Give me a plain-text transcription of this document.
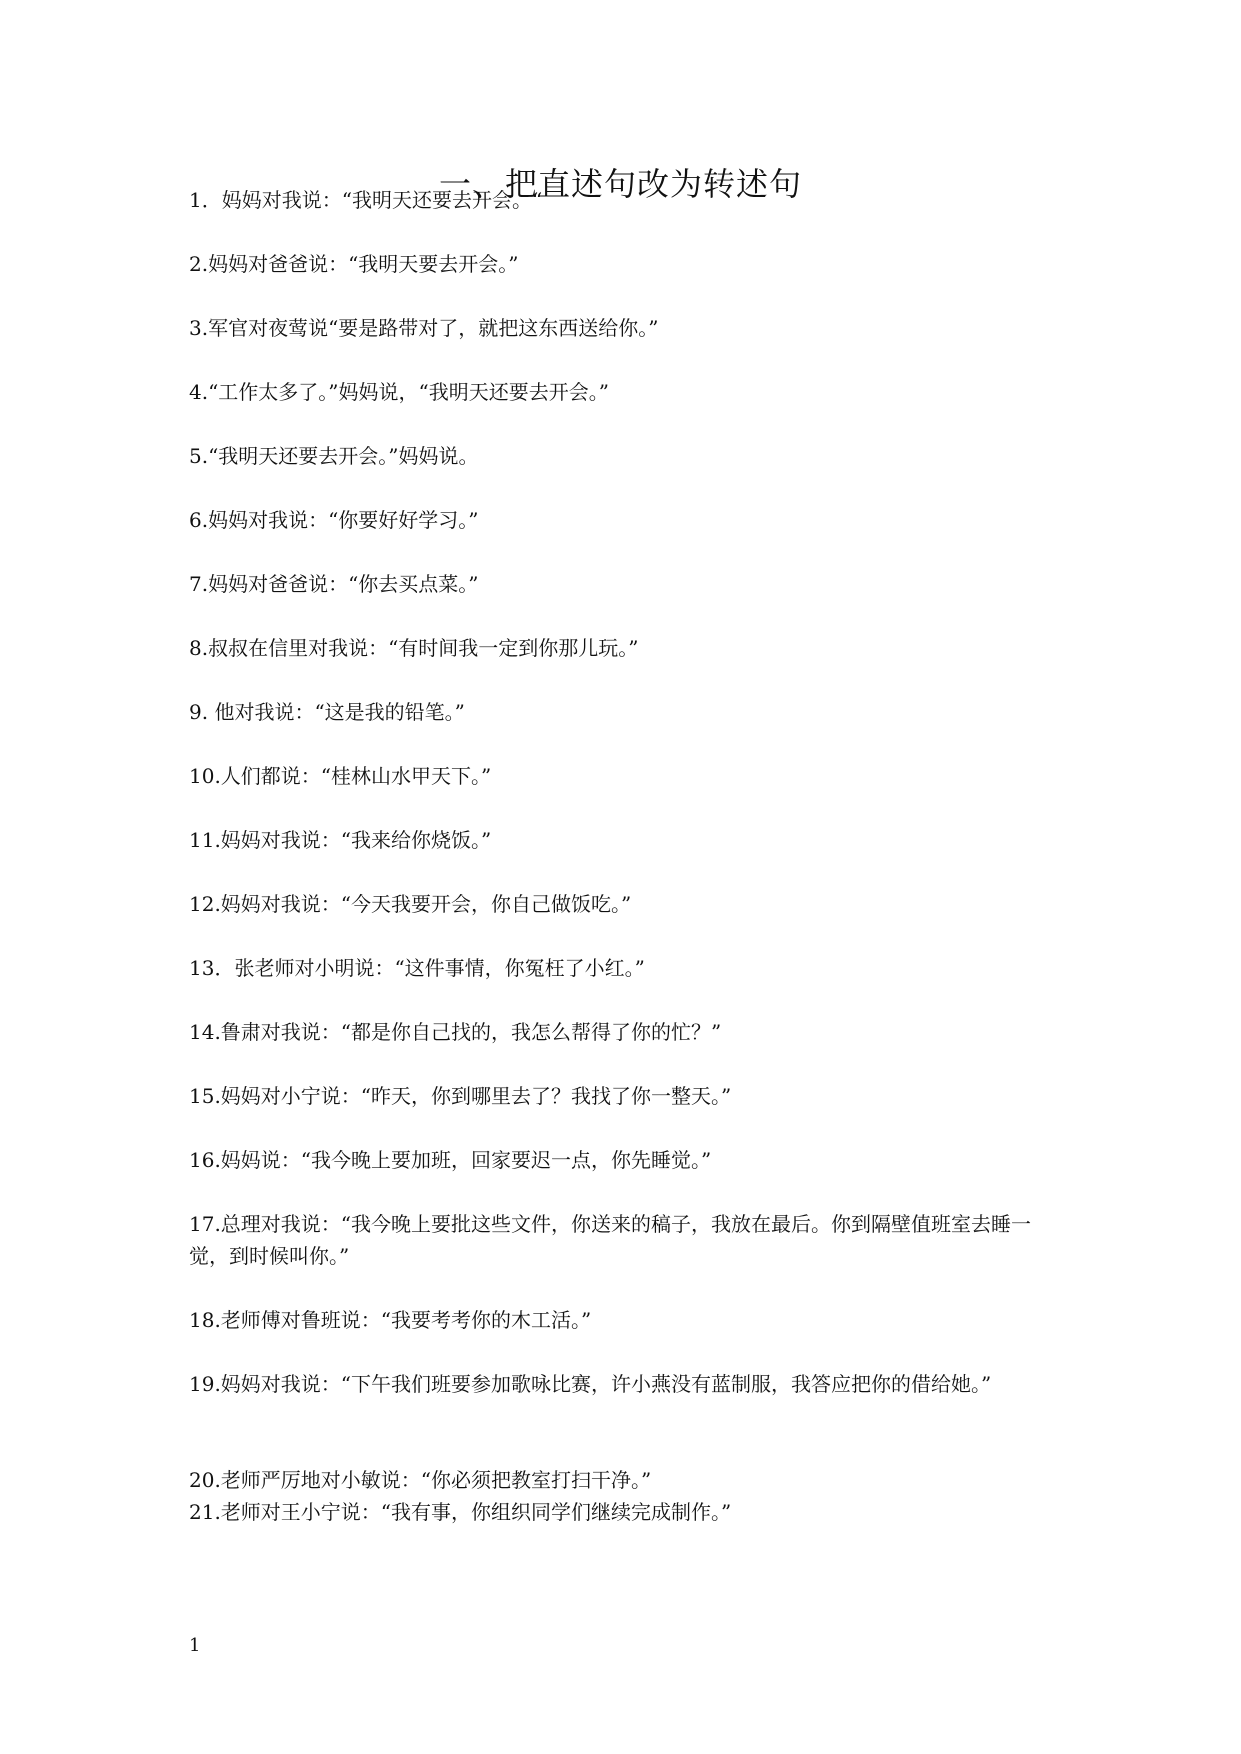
一、把直述句改为转述句
1．妈妈对我说：“我明天还要去开会。“
2.妈妈对爸爸说：“我明天要去开会。”
3.军官对夜莺说“要是路带对了，就把这东西送给你。”
4.“工作太多了。”妈妈说，“我明天还要去开会。”
5.“我明天还要去开会。”妈妈说。
6.妈妈对我说：“你要好好学习。”
7.妈妈对爸爸说：“你去买点菜。”
8.叔叔在信里对我说：“有时间我一定到你那儿玩。”
9. 他对我说：“这是我的铅笔。”
10.人们都说：“桂林山水甲天下。”
11.妈妈对我说：“我来给你烧饭。”
12.妈妈对我说：“今天我要开会，你自己做饭吃。”
13．张老师对小明说：“这件事情，你冤枉了小红。”
14.鲁肃对我说：“都是你自己找的，我怎么帮得了你的忙？”
15.妈妈对小宁说：“昨天，你到哪里去了？我找了你一整天。”
16.妈妈说：“我今晚上要加班，回家要迟一点，你先睡觉。”
17.总理对我说：“我今晚上要批这些文件，你送来的稿子，我放在最后。你到隔壁值班室去睡一觉，到时候叫你。”
18.老师傅对鲁班说：“我要考考你的木工活。”
19.妈妈对我说：“下午我们班要参加歌咏比赛，许小燕没有蓝制服，我答应把你的借给她。”
20.老师严厉地对小敏说：“你必须把教室打扫干净。”
21.老师对王小宁说：“我有事，你组织同学们继续完成制作。”
1
